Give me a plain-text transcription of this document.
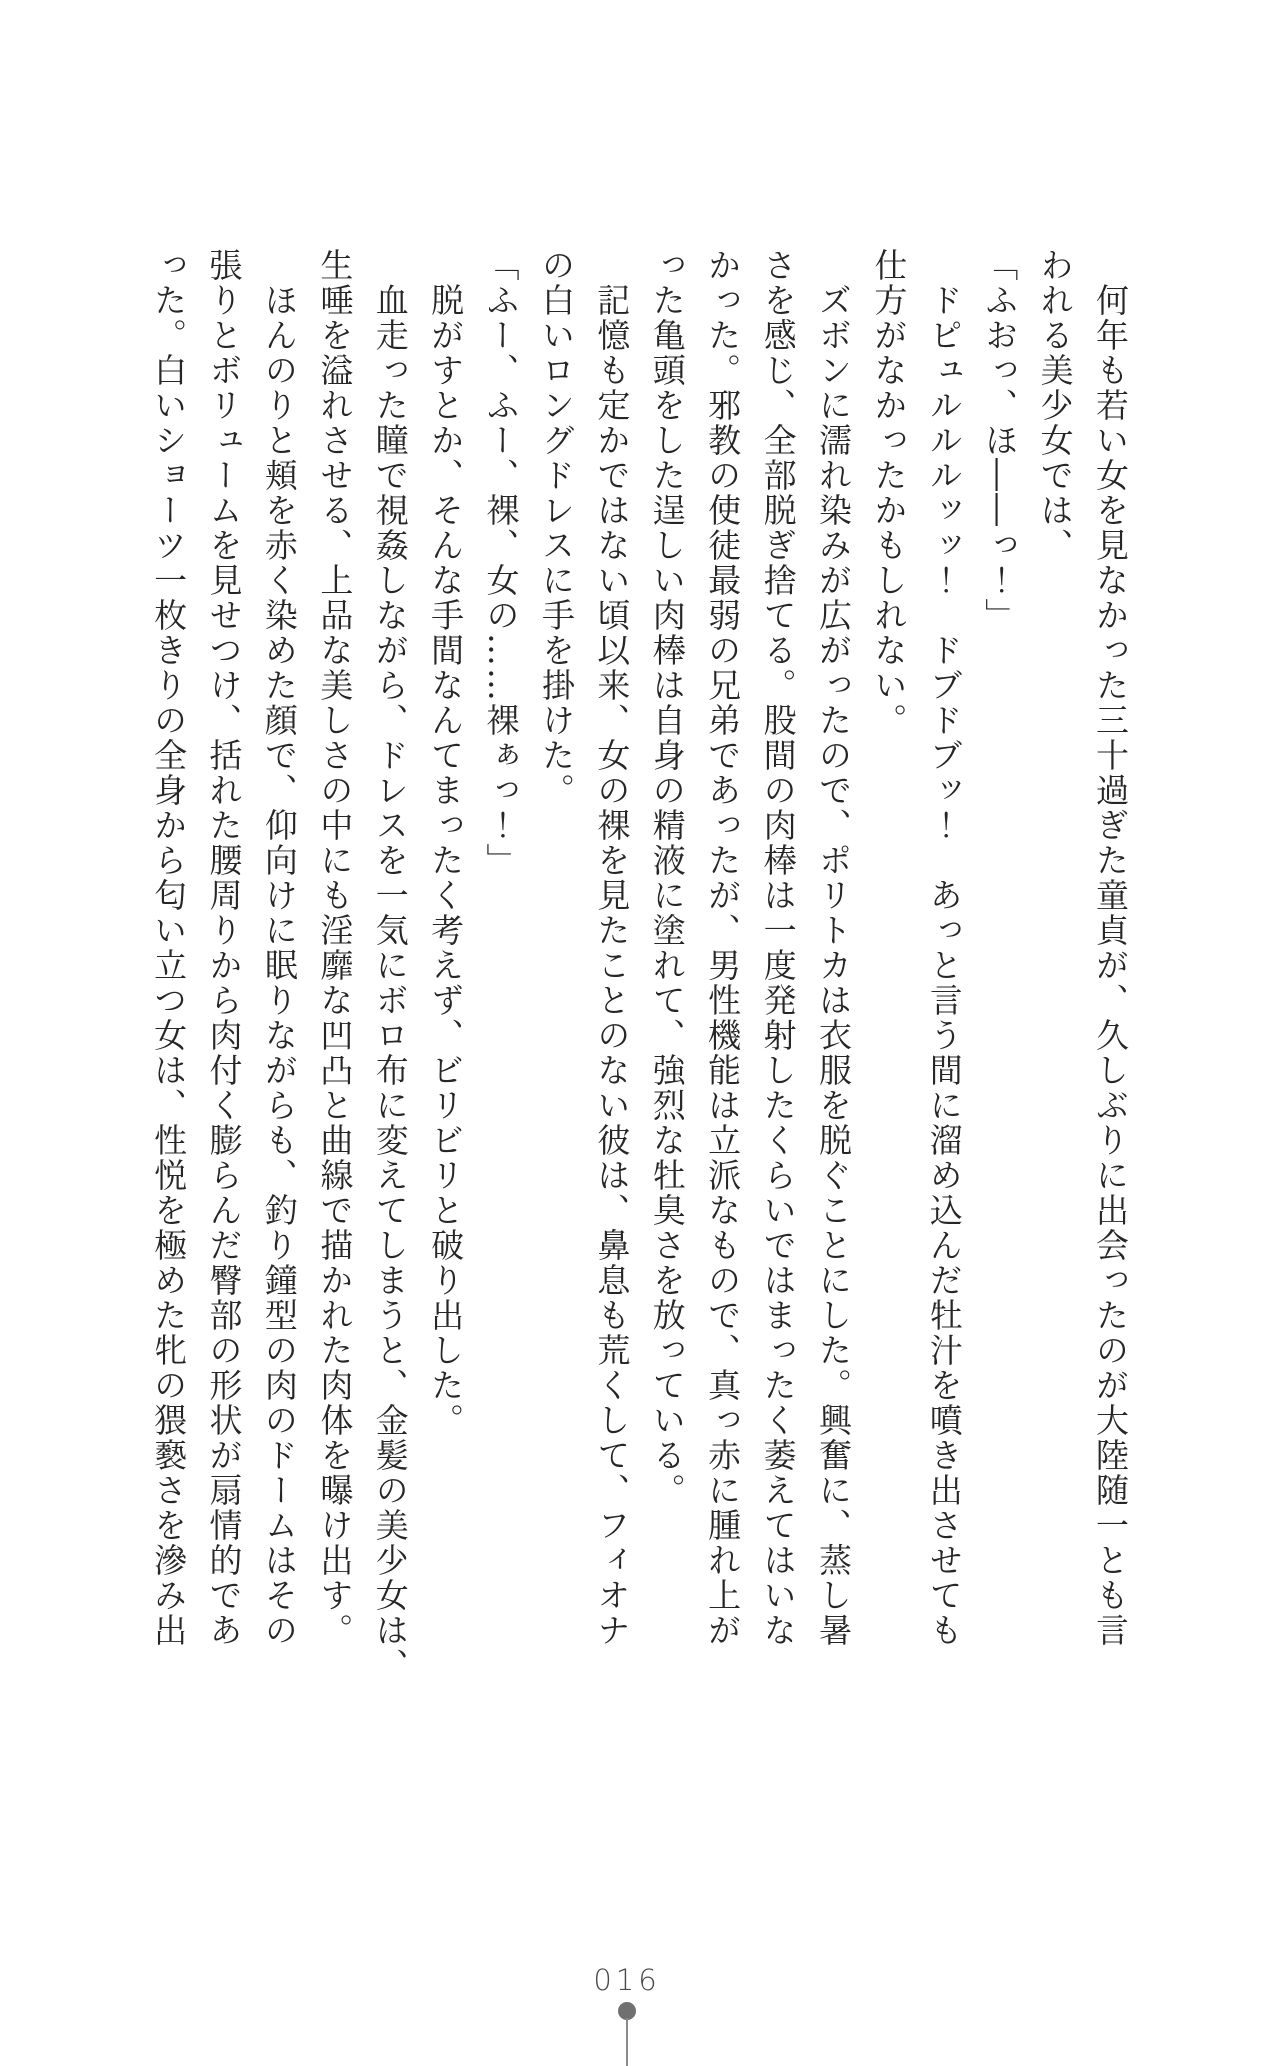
何年も若い女を見なかった三十過ぎた童貞が、久しぶりに出会ったのが大陸随一とも言

われる美少女では、

「ふおっ、ほ――っ！」

ドピュルルルッッ！　ドブドブッ！　あっと言う間に溜め込んだ牡汁を噴き出させても

仕方がなかったかもしれない。

ズボンに濡れ染みが広がったので、ポリトカは衣服を脱ぐことにした。興奮に、蒸し暑

さを感じ、全部脱ぎ捨てる。股間の肉棒は一度発射したくらいではまったく萎えてはいな

かった。邪教の使徒最弱の兄弟であったが、男性機能は立派なもので、真っ赤に腫れ上が

った亀頭をした逞しい肉棒は自身の精液に塗れて、強烈な牡臭さを放っている。

記憶も定かではない頃以来、女の裸を見たことのない彼は、鼻息も荒くして、フィオナ

の白いロングドレスに手を掛けた。

「ふー、ふー、裸、女の……裸ぁっ！」

脱がすとか、そんな手間なんてまったく考えず、ビリビリと破り出した。

血走った瞳で視姦しながら、ドレスを一気にボロ布に変えてしまうと、金髪の美少女は、

生唾を溢れさせる、上品な美しさの中にも淫靡な凹凸と曲線で描かれた肉体を曝け出す。

ほんのりと頬を赤く染めた顔で、仰向けに眠りながらも、釣り鐘型の肉のドームはその

張りとボリュームを見せつけ、括れた腰周りから肉付く膨らんだ臀部の形状が扇情的であ

った。白いショーツ一枚きりの全身から匂い立つ女は、性悦を極めた牝の猥褻さを滲み出

016
